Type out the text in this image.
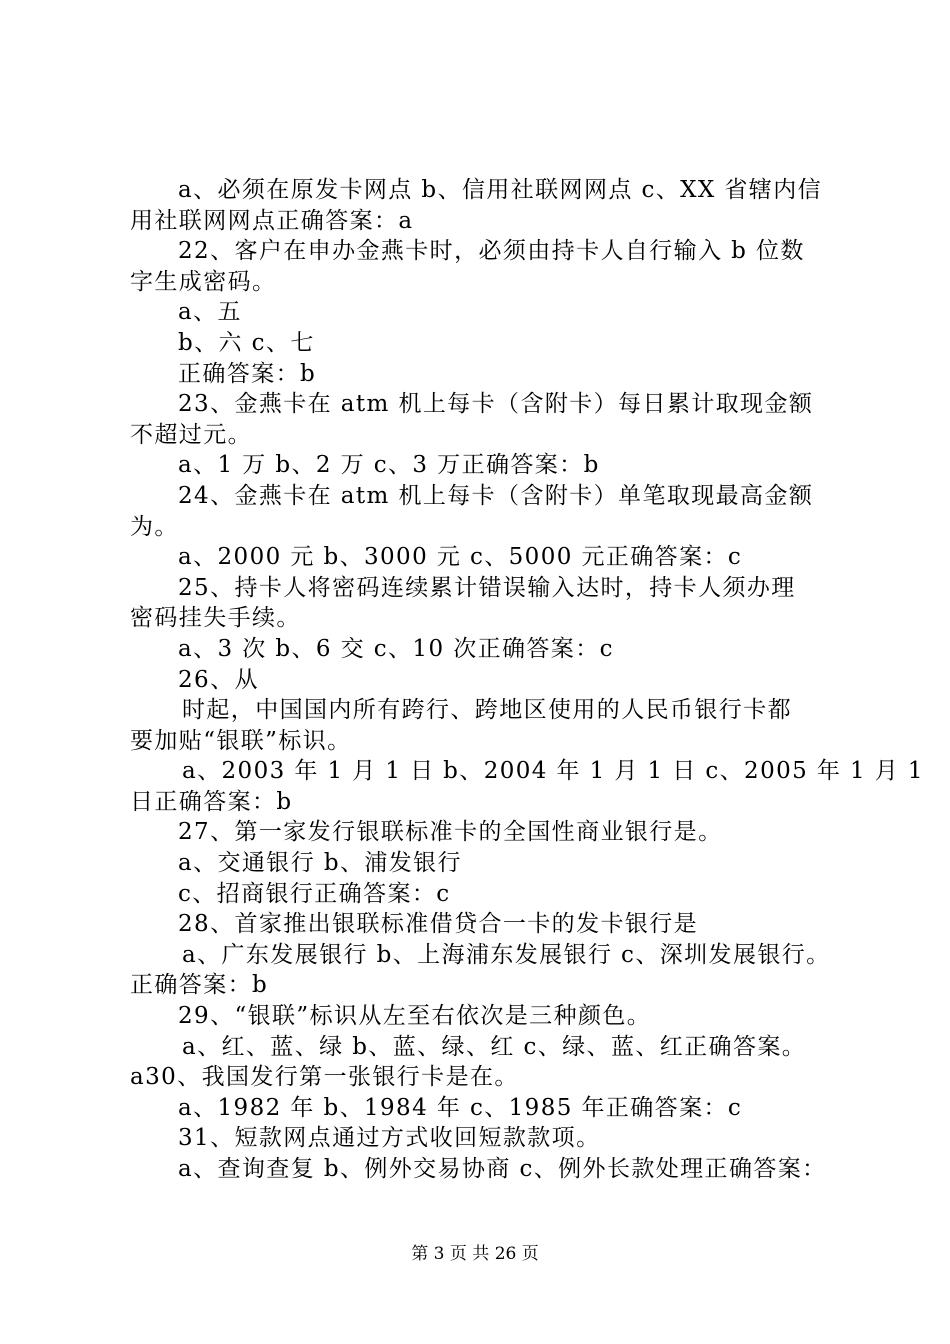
a、必须在原发卡网点 b、信用社联网网点 c、XX 省辖内信
用社联网网点正确答案：a
22、客户在申办金燕卡时，必须由持卡人自行输入 b 位数
字生成密码。
a、五
b、六 c、七
正确答案：b
23、金燕卡在 atm 机上每卡（含附卡）每日累计取现金额
不超过元。
a、1 万 b、2 万 c、3 万正确答案：b
24、金燕卡在 atm 机上每卡（含附卡）单笔取现最高金额
为。
a、2000 元 b、3000 元 c、5000 元正确答案：c
25、持卡人将密码连续累计错误输入达时，持卡人须办理
密码挂失手续。
a、3 次 b、6 交 c、10 次正确答案：c
26、从
时起，中国国内所有跨行、跨地区使用的人民币银行卡都
要加贴“银联”标识。
a、2003 年 1 月 1 日 b、2004 年 1 月 1 日 c、2005 年 1 月 1
日正确答案：b
27、第一家发行银联标准卡的全国性商业银行是。
a、交通银行 b、浦发银行
c、招商银行正确答案：c
28、首家推出银联标准借贷合一卡的发卡银行是
a、广东发展银行 b、上海浦东发展银行 c、深圳发展银行。
正确答案：b
29、“银联”标识从左至右依次是三种颜色。
a、红、蓝、绿 b、蓝、绿、红 c、绿、蓝、红正确答案。
a30、我国发行第一张银行卡是在。
a、1982 年 b、1984 年 c、1985 年正确答案：c
31、短款网点通过方式收回短款款项。
a、查询查复 b、例外交易协商 c、例外长款处理正确答案：
第 3 页 共 26 页
